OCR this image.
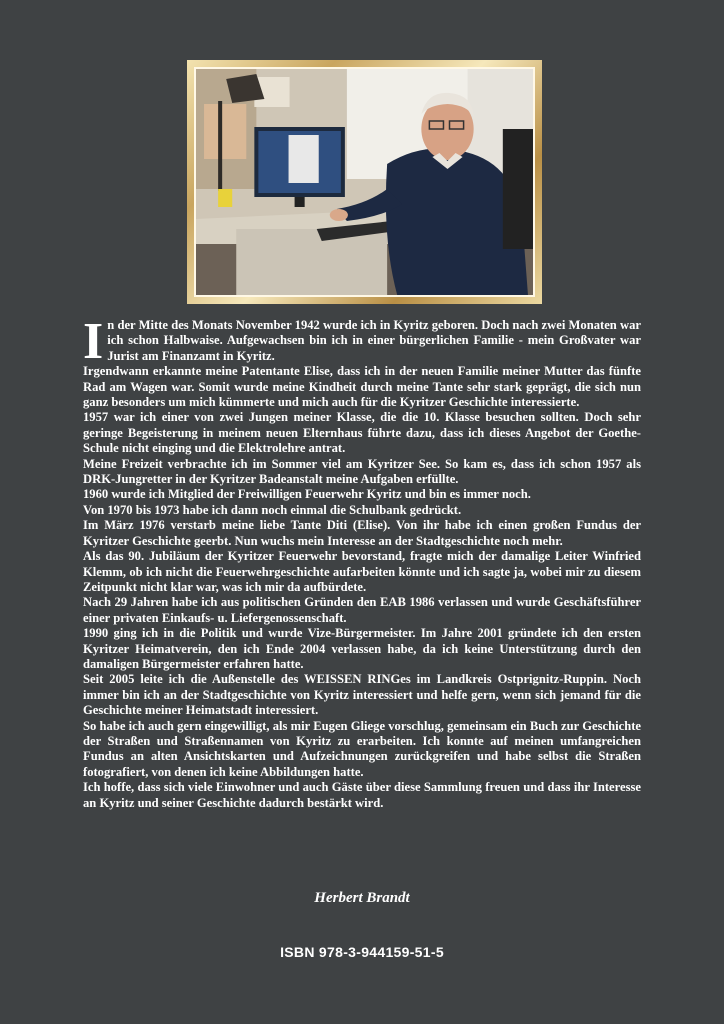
In der Mitte des Monats November 1942 wurde ich in Kyritz geboren. Doch nach zwei Monaten war ich schon Halbwaise. Aufgewachsen bin ich in einer bürgerlichen Familie - mein Großvater war Jurist am Finanzamt in Kyritz.

Irgendwann erkannte meine Patentante Elise, dass ich in der neuen Familie meiner Mutter das fünfte Rad am Wagen war. Somit wurde meine Kindheit durch meine Tante sehr stark geprägt, die sich nun ganz besonders um mich kümmerte und mich auch für die Kyritzer Geschichte interessierte.

1957 war ich einer von zwei Jungen meiner Klasse, die die 10. Klasse besuchen sollten. Doch sehr geringe Begeisterung in meinem neuen Elternhaus führte dazu, dass ich dieses Angebot der Goethe-Schule nicht einging und die Elektrolehre antrat.

Meine Freizeit verbrachte ich im Sommer viel am Kyritzer See. So kam es, dass ich schon 1957 als DRK-Jungretter in der Kyritzer Badeanstalt meine Aufgaben erfüllte.

1960 wurde ich Mitglied der Freiwilligen Feuerwehr Kyritz und bin es immer noch.

Von 1970 bis 1973 habe ich dann noch einmal die Schulbank gedrückt.

Im März 1976 verstarb meine liebe Tante Diti (Elise). Von ihr habe ich einen großen Fundus der Kyritzer Geschichte geerbt. Nun wuchs mein Interesse an der Stadtgeschichte noch mehr.

Als das 90. Jubiläum der Kyritzer Feuerwehr bevorstand, fragte mich der damalige Leiter Winfried Klemm, ob ich nicht die Feuerwehrgeschichte aufarbeiten könnte und ich sagte ja, wobei mir zu diesem Zeitpunkt nicht klar war, was ich mir da aufbürdete.

Nach 29 Jahren habe ich aus politischen Gründen den EAB 1986 verlassen und wurde Geschäftsführer einer privaten Einkaufs- u. Liefergenossenschaft.

1990 ging ich in die Politik und wurde Vize-Bürgermeister. Im Jahre 2001 gründete ich den ersten Kyritzer Heimatverein, den ich Ende 2004 verlassen habe, da ich keine Unterstützung durch den damaligen Bürgermeister erfahren hatte.

Seit 2005 leite ich die Außenstelle des WEISSEN RINGes im Landkreis Ostprignitz-Ruppin. Noch immer bin ich an der Stadtgeschichte von Kyritz interessiert und helfe gern, wenn sich jemand für die Geschichte meiner Heimatstadt interessiert.

So habe ich auch gern eingewilligt, als mir Eugen Gliege vorschlug, gemeinsam ein Buch zur Geschichte der Straßen und Straßennamen von Kyritz zu erarbeiten. Ich konnte auf meinen umfangreichen Fundus an alten Ansichtskarten und Aufzeichnungen zurückgreifen und habe selbst die Straßen fotografiert, von denen ich keine Abbildungen hatte.

Ich hoffe, dass sich viele Einwohner und auch Gäste über diese Sammlung freuen und dass ihr Interesse an Kyritz und seiner Geschichte dadurch bestärkt wird.

Herbert Brandt
ISBN 978-3-944159-51-5
